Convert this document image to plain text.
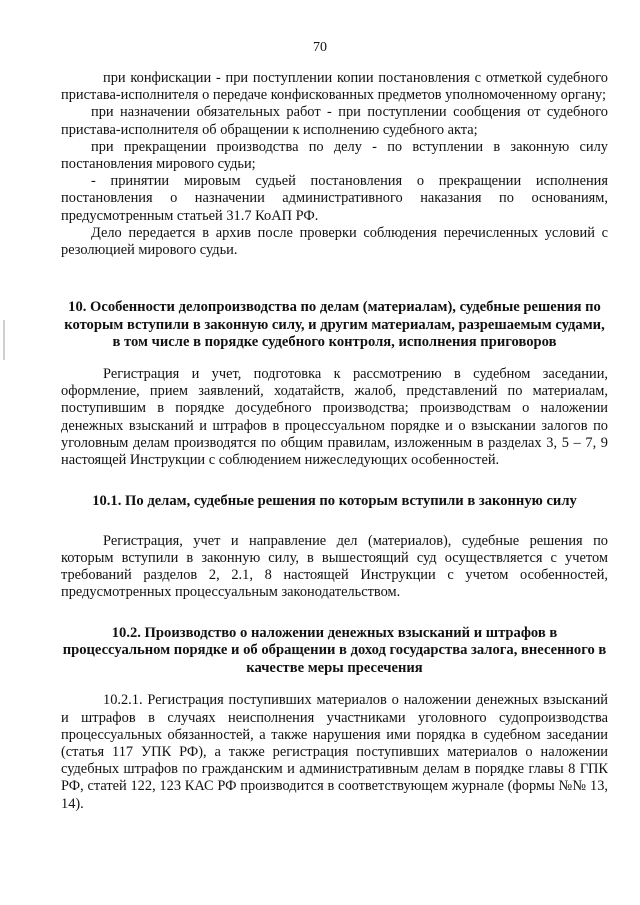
70

при конфискации - при поступлении копии постановления с отметкой судебного пристава-исполнителя о передаче конфискованных предметов уполномоченному органу;

при назначении обязательных работ - при поступлении сообщения от судебного пристава-исполнителя об обращении к исполнению судебного акта;

при прекращении производства по делу - по вступлении в законную силу постановления мирового судьи;

- принятии мировым судьей постановления о прекращении исполнения постановления о назначении административного наказания по основаниям, предусмотренным статьей 31.7 КоАП РФ.

Дело передается в архив после проверки соблюдения перечисленных условий с резолюцией мирового судьи.

10. Особенности делопроизводства по делам (материалам), судебные решения по которым вступили в законную силу, и другим материалам, разрешаемым судами, в том числе в порядке судебного контроля, исполнения приговоров

Регистрация и учет, подготовка к рассмотрению в судебном заседании, оформление, прием заявлений, ходатайств, жалоб, представлений по материалам, поступившим в порядке досудебного производства; производствам о наложении денежных взысканий и штрафов в процессуальном порядке и о взыскании залогов по уголовным делам производятся по общим правилам, изложенным в разделах 3, 5 – 7, 9 настоящей Инструкции с соблюдением нижеследующих особенностей.

10.1. По делам, судебные решения по которым вступили в законную силу

Регистрация, учет и направление дел (материалов), судебные решения по которым вступили в законную силу, в вышестоящий суд осуществляется с учетом требований разделов 2, 2.1, 8 настоящей Инструкции с учетом особенностей, предусмотренных процессуальным законодательством.

10.2. Производство о наложении денежных взысканий и штрафов в процессуальном порядке и об обращении в доход государства залога, внесенного в качестве меры пресечения

10.2.1. Регистрация поступивших материалов о наложении денежных взысканий и штрафов в случаях неисполнения участниками уголовного судопроизводства процессуальных обязанностей, а также нарушения ими порядка в судебном заседании (статья 117 УПК РФ), а также регистрация поступивших материалов о наложении судебных штрафов по гражданским и административным делам в порядке главы 8 ГПК РФ, статей 122, 123 КАС РФ производится в соответствующем журнале (формы №№ 13, 14).
